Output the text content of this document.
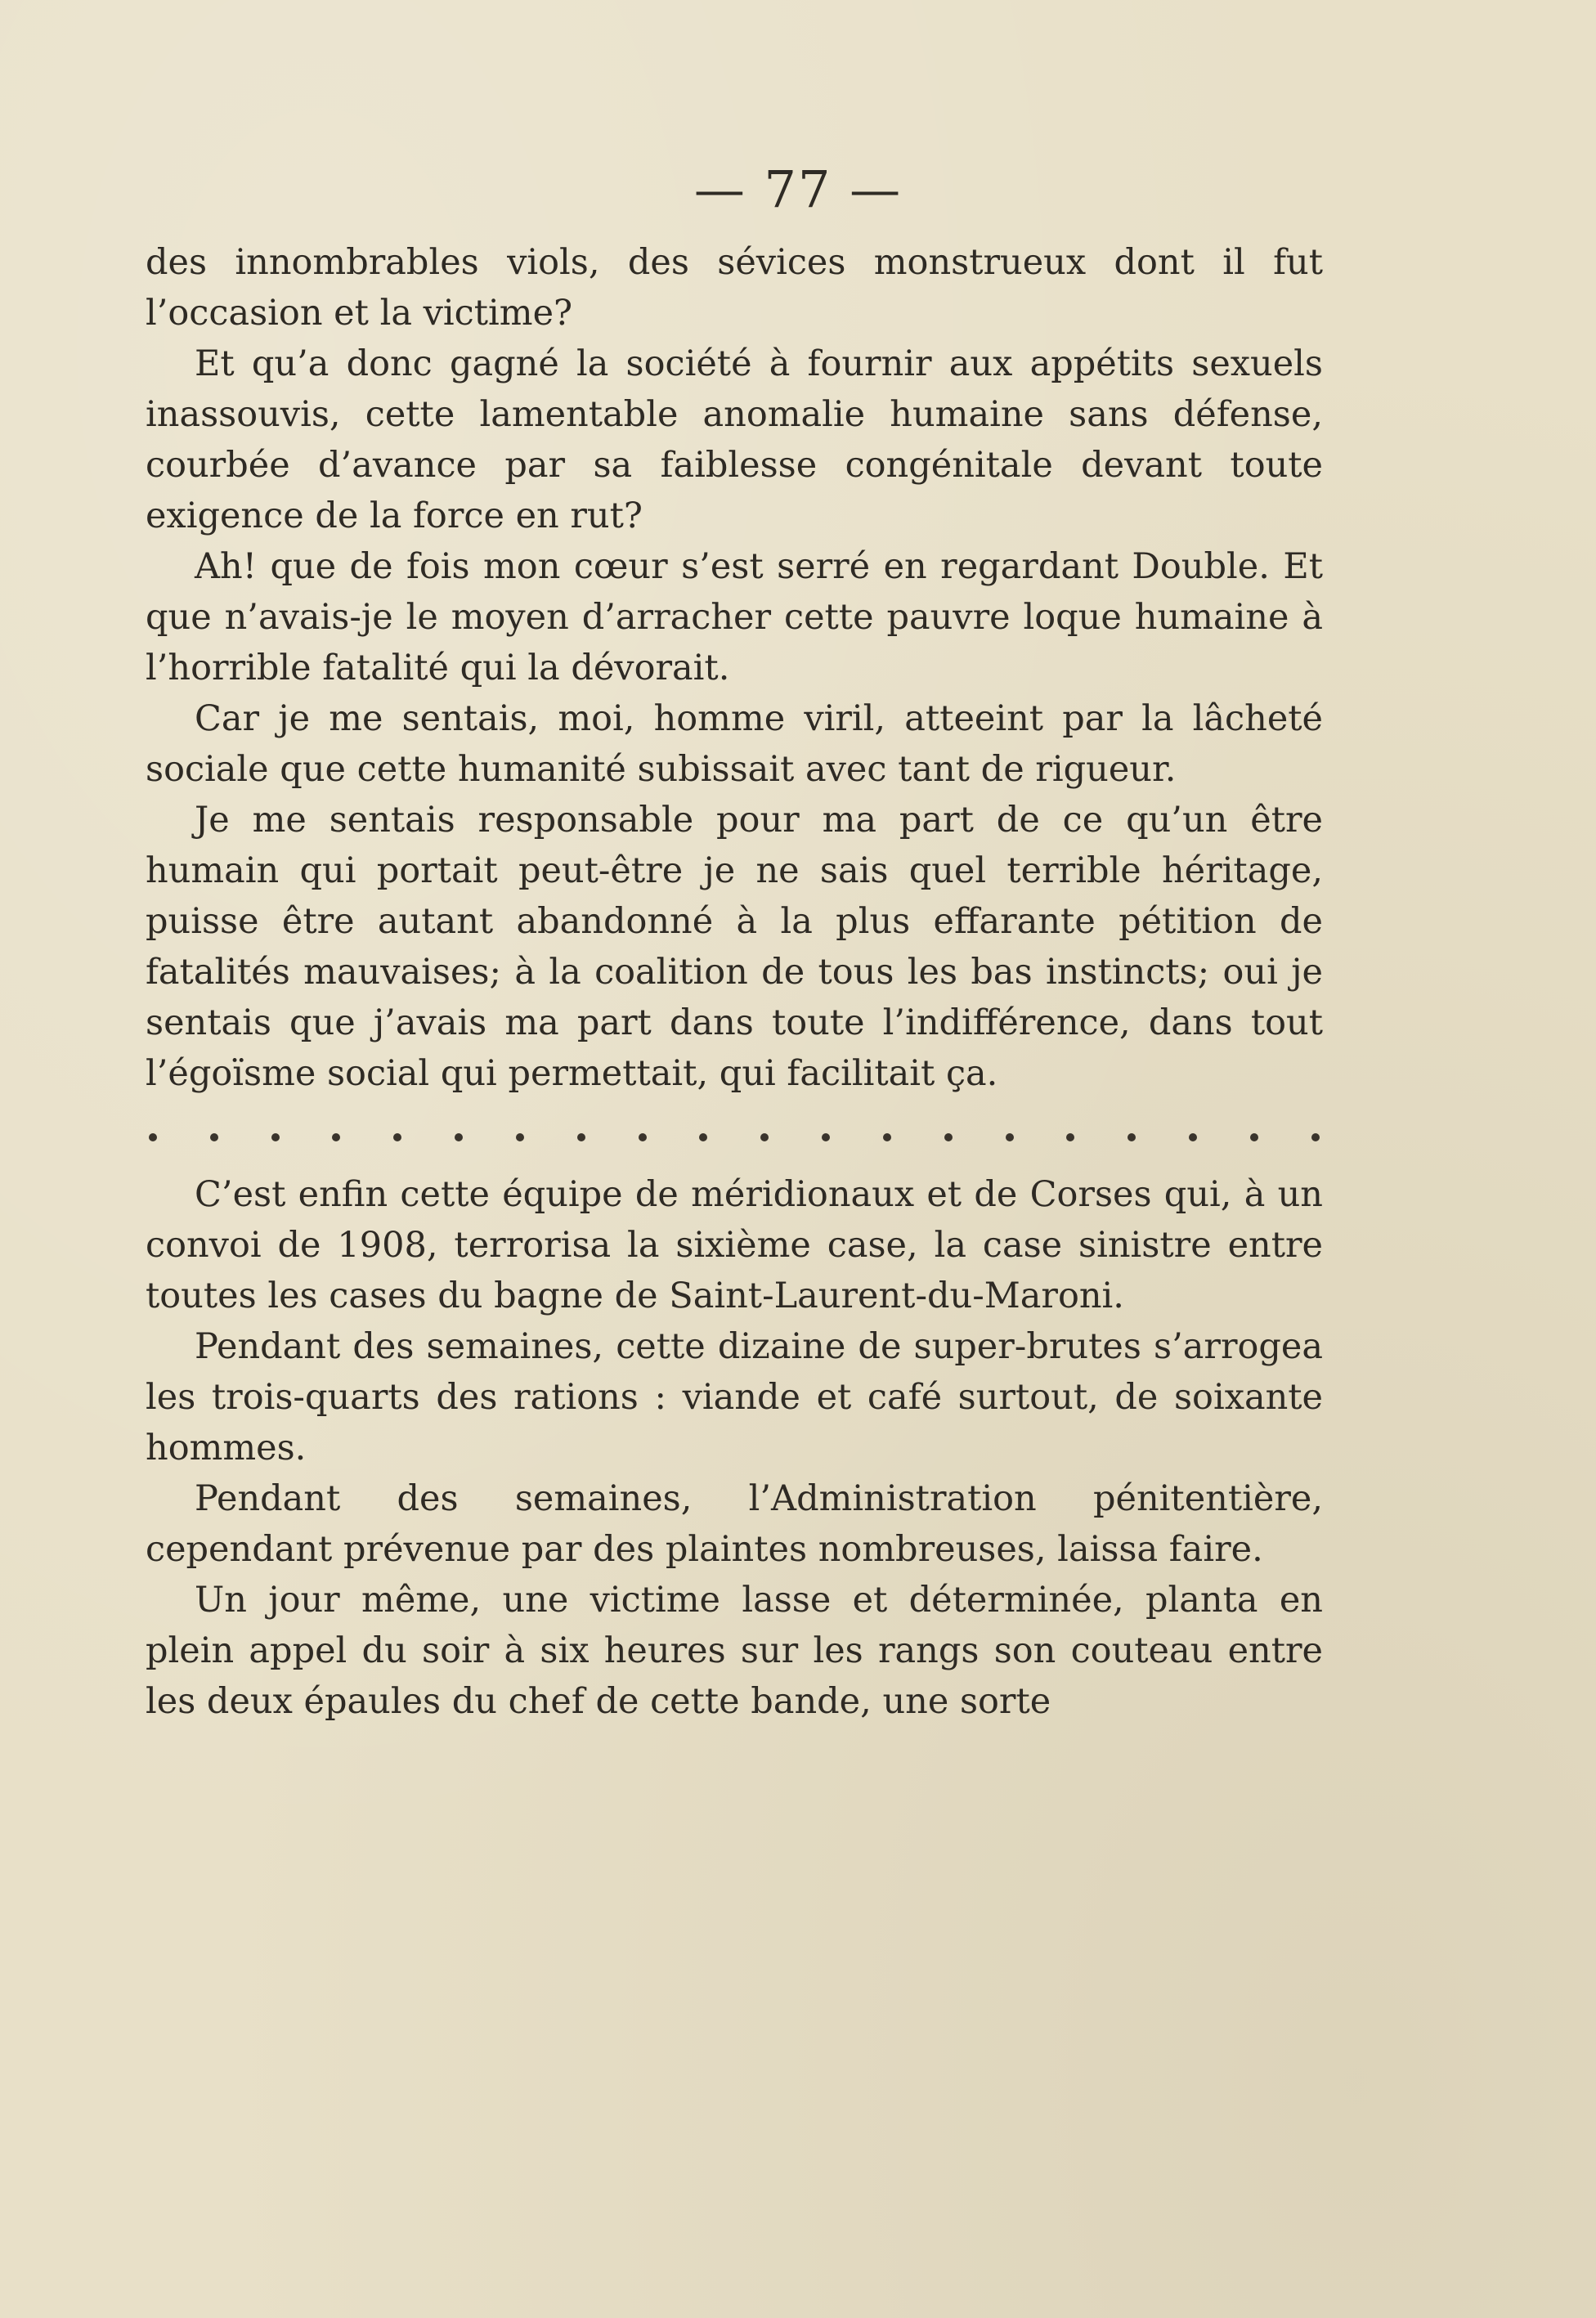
— 77 —

des innombrables viols, des sévices monstrueux dont il fut l’occasion et la victime?

Et qu’a donc gagné la société à fournir aux appétits sexuels inassouvis, cette lamentable anomalie humaine sans défense, courbée d’avance par sa faiblesse congénitale devant toute exigence de la force en rut?

Ah! que de fois mon cœur s’est serré en regardant Double. Et que n’avais-je le moyen d’arracher cette pauvre loque humaine à l’horrible fatalité qui la dévorait.

Car je me sentais, moi, homme viril, atteeint par la lâcheté sociale que cette humanité subissait avec tant de rigueur.

Je me sentais responsable pour ma part de ce qu’un être humain qui portait peut-être je ne sais quel terrible héritage, puisse être autant abandonné à la plus effarante pétition de fatalités mauvaises; à la coalition de tous les bas instincts; oui je sentais que j’avais ma part dans toute l’indifférence, dans tout l’égoïsme social qui permettait, qui facilitait ça.

C’est enfin cette équipe de méridionaux et de Corses qui, à un convoi de 1908, terrorisa la sixième case, la case sinistre entre toutes les cases du bagne de Saint-Laurent-du-Maroni.

Pendant des semaines, cette dizaine de super-brutes s’arrogea les trois-quarts des rations : viande et café surtout, de soixante hommes.

Pendant des semaines, l’Administration pénitentière, cependant prévenue par des plaintes nombreuses, laissa faire.

Un jour même, une victime lasse et déterminée, planta en plein appel du soir à six heures sur les rangs son couteau entre les deux épaules du chef de cette bande, une sorte
